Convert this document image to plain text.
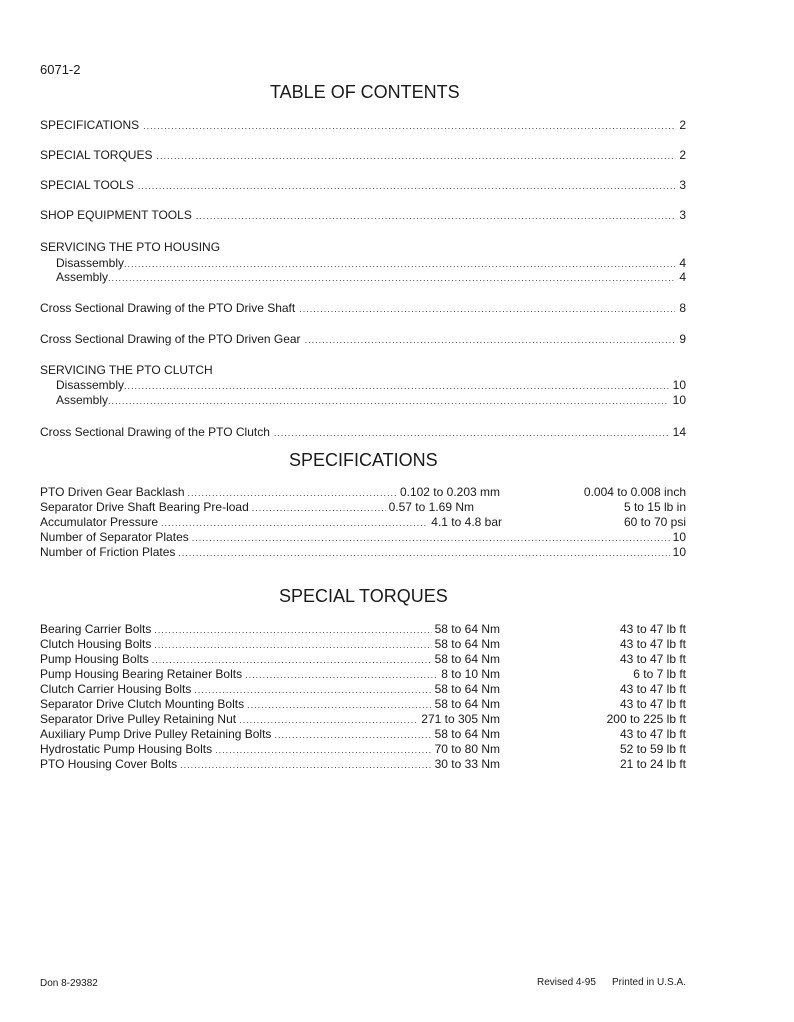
6071-2
TABLE OF CONTENTS
SPECIFICATIONS .....	2
SPECIAL TORQUES .....	2
SPECIAL TOOLS .....	3
SHOP EQUIPMENT TOOLS .....	3
SERVICING THE PTO HOUSING
Disassembly .....	4
Assembly .....	4
Cross Sectional Drawing of the PTO Drive Shaft .....	8
Cross Sectional Drawing of the PTO Driven Gear .....	9
SERVICING THE PTO CLUTCH
Disassembly .....	10
Assembly .....	10
Cross Sectional Drawing of the PTO Clutch .....	14
SPECIFICATIONS
PTO Driven Gear Backlash .....	0.102 to 0.203 mm	0.004 to 0.008 inch
Separator Drive Shaft Bearing Pre-load .....	0.57 to 1.69 Nm	5 to 15 lb in
Accumulator Pressure .....	4.1 to 4.8 bar	60 to 70 psi
Number of Separator Plates .....	10
Number of Friction Plates .....	10
SPECIAL TORQUES
Bearing Carrier Bolts .....	58 to 64 Nm	43 to 47 lb ft
Clutch Housing Bolts .....	58 to 64 Nm	43 to 47 lb ft
Pump Housing Bolts .....	58 to 64 Nm	43 to 47 lb ft
Pump Housing Bearing Retainer Bolts .....	8 to 10 Nm	6 to 7 lb ft
Clutch Carrier Housing Bolts .....	58 to 64 Nm	43 to 47 lb ft
Separator Drive Clutch Mounting Bolts .....	58 to 64 Nm	43 to 47 lb ft
Separator Drive Pulley Retaining Nut .....	271 to 305 Nm	200 to 225 lb ft
Auxiliary Pump Drive Pulley Retaining Bolts .....	58 to 64 Nm	43 to 47 lb ft
Hydrostatic Pump Housing Bolts .....	70 to 80 Nm	52 to 59 lb ft
PTO Housing Cover Bolts .....	30 to 33 Nm	21 to 24 lb ft
Don 8-29382	Revised 4-95 Printed in U.S.A.
